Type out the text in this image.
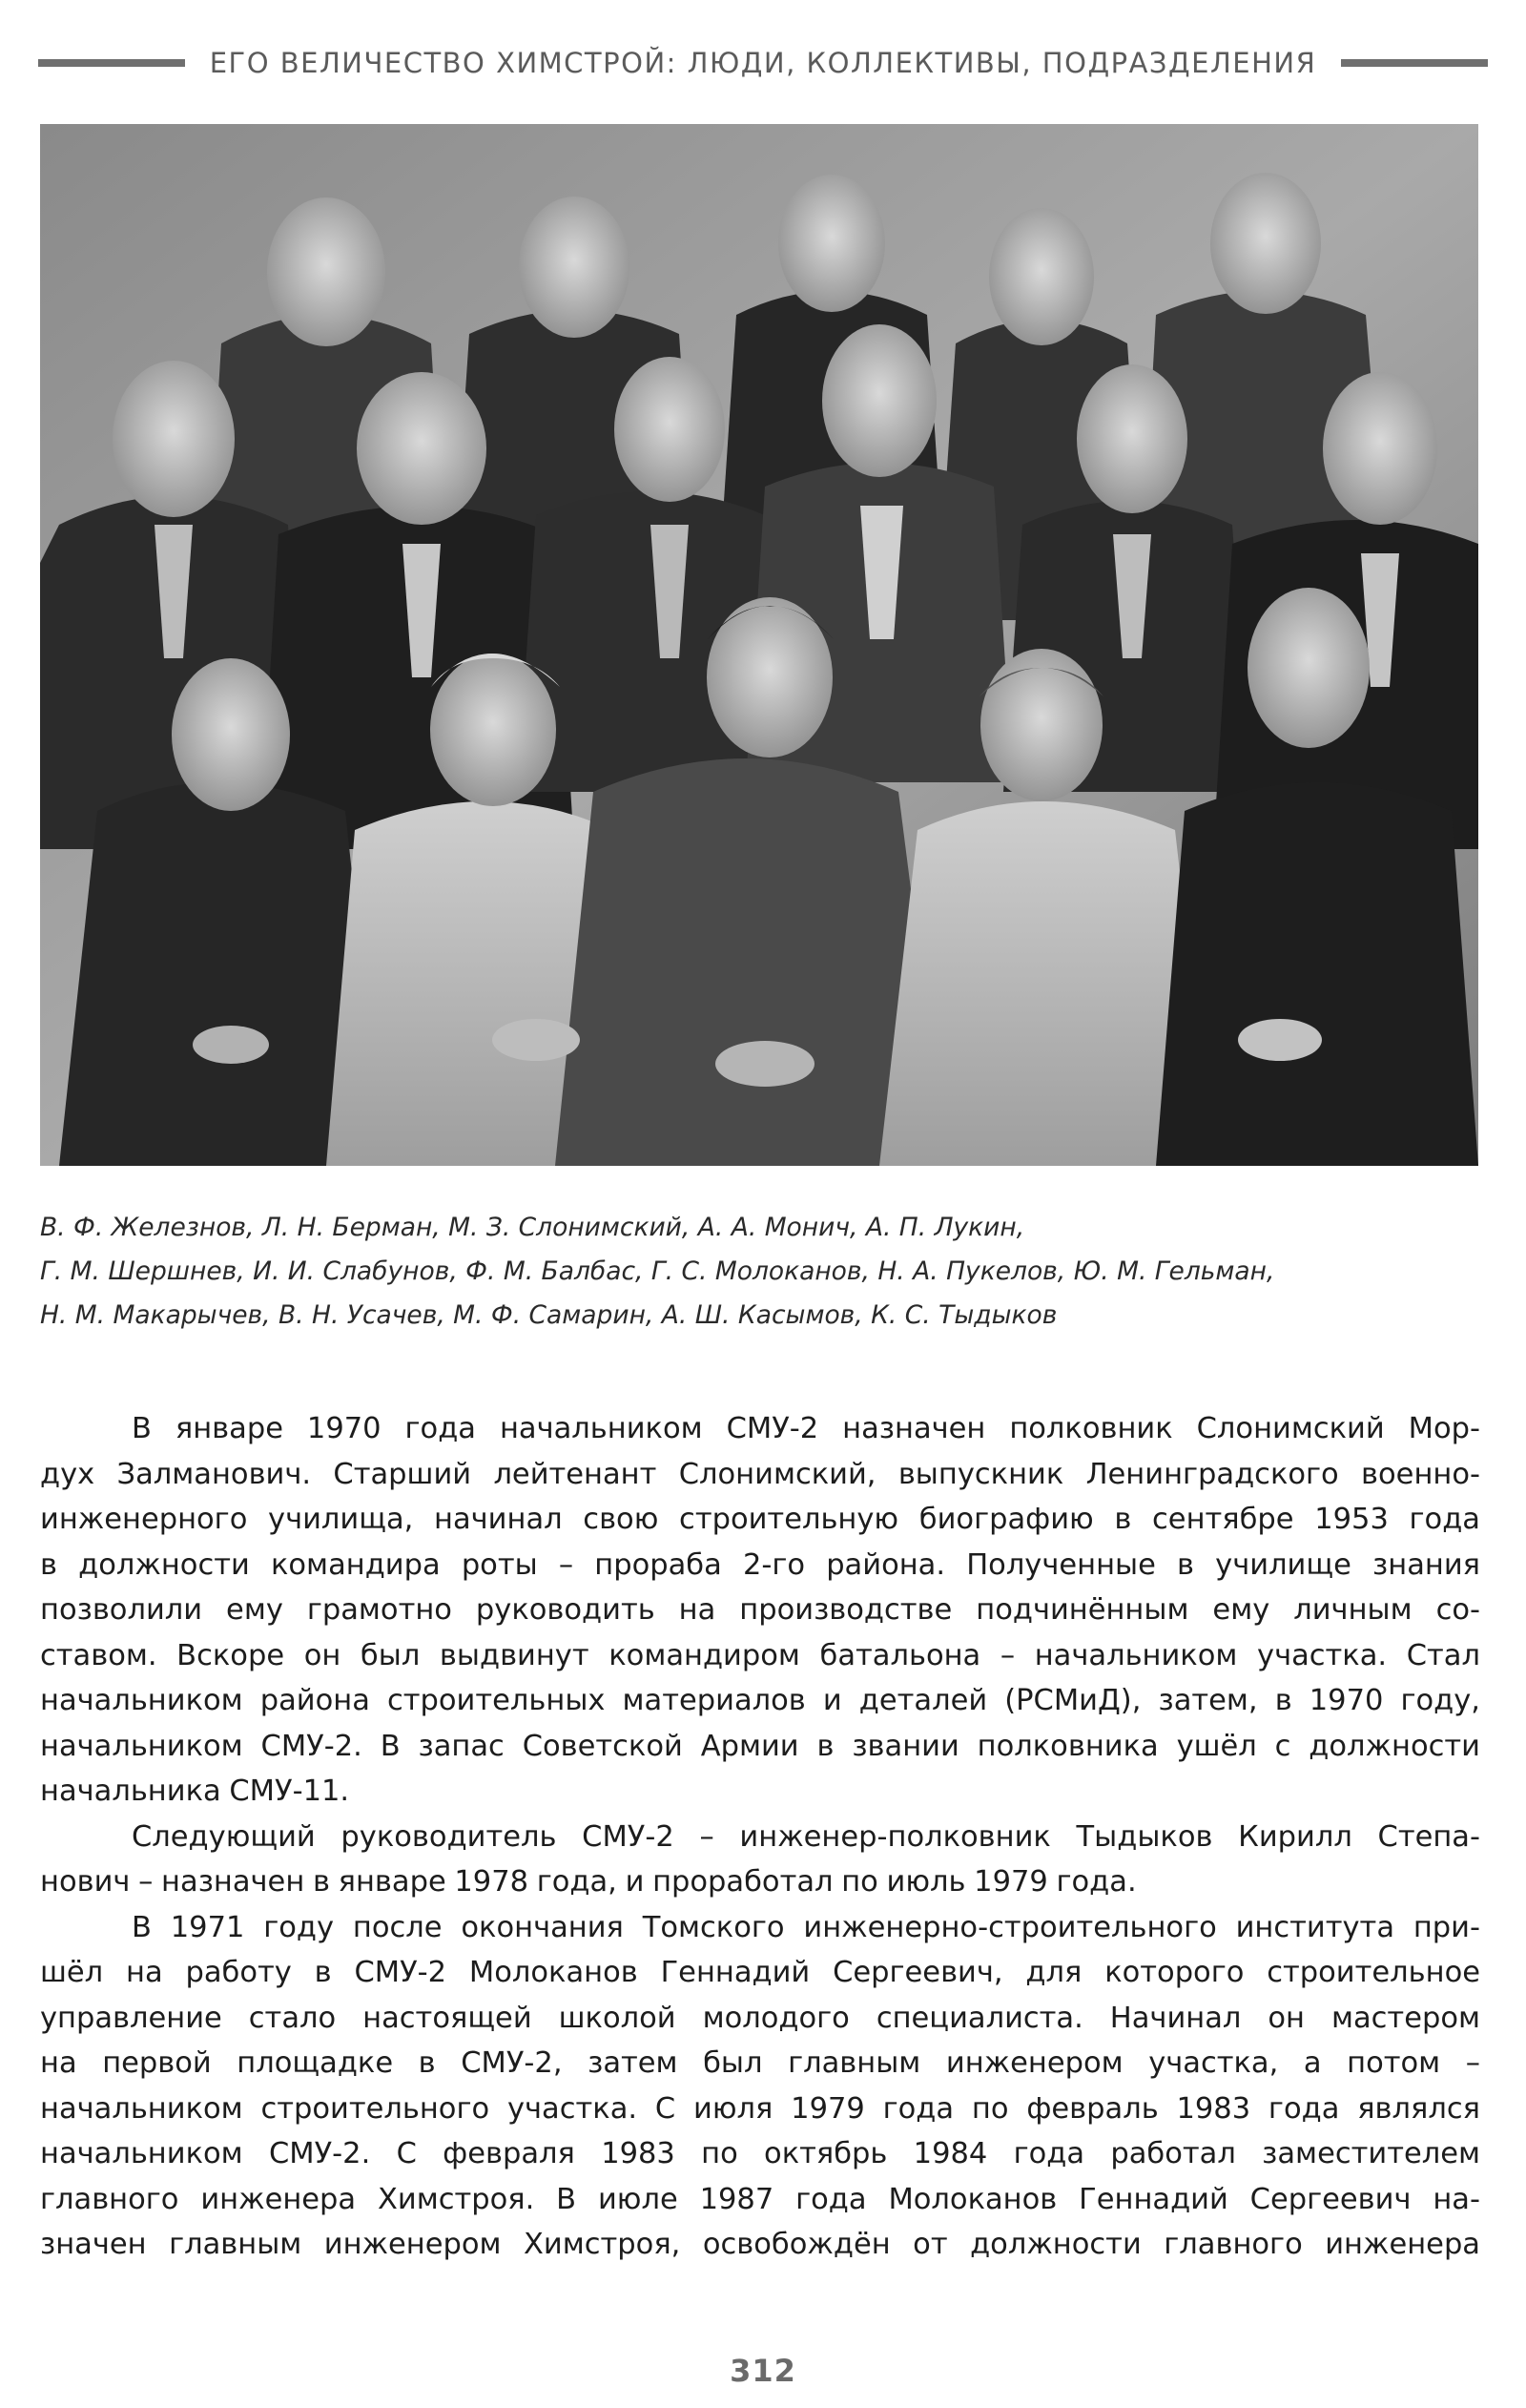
ЕГО ВЕЛИЧЕСТВО ХИМСТРОЙ: ЛЮДИ, КОЛЛЕКТИВЫ, ПОДРАЗДЕЛЕНИЯ
В. Ф. Железнов, Л. Н. Берман, М. З. Слонимский, А. А. Монич, А. П. Лукин,
Г. М. Шершнев, И. И. Слабунов, Ф. М. Балбас, Г. С. Молоканов, Н. А. Пукелов, Ю. М. Гельман,
Н. М. Макарычев, В. Н. Усачев, М. Ф. Самарин, А. Ш. Касымов, К. С. Тыдыков
В январе 1970 года начальником СМУ-2 назначен полковник Слонимский Мор-
дух Залманович. Старший лейтенант Слонимский, выпускник Ленинградского военно-
инженерного училища, начинал свою строительную биографию в сентябре 1953 года
в должности командира роты – прораба 2-го района. Полученные в училище знания
позволили ему грамотно руководить на производстве подчинённым ему личным со-
ставом. Вскоре он был выдвинут командиром батальона – начальником участка. Стал
начальником района строительных материалов и деталей (РСМиД), затем, в 1970 году,
начальником СМУ-2. В запас Советской Армии в звании полковника ушёл с должности
начальника СМУ-11.
Следующий руководитель СМУ-2 – инженер-полковник Тыдыков Кирилл Степа-
нович – назначен в январе 1978 года, и проработал по июль 1979 года.
В 1971 году после окончания Томского инженерно-строительного института при-
шёл на работу в СМУ-2 Молоканов Геннадий Сергеевич, для которого строительное
управление стало настоящей школой молодого специалиста. Начинал он мастером
на первой площадке в СМУ-2, затем был главным инженером участка, а потом –
начальником строительного участка. С июля 1979 года по февраль 1983 года являлся
начальником СМУ-2. С февраля 1983 по октябрь 1984 года работал заместителем
главного инженера Химстроя. В июле 1987 года Молоканов Геннадий Сергеевич на-
значен главным инженером Химстроя, освобождён от должности главного инженера
312
